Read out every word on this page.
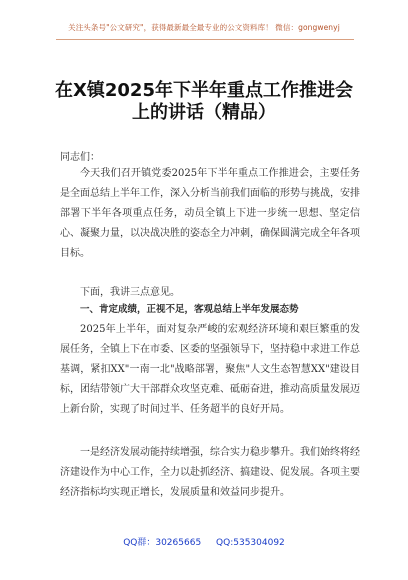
关注头条号"公文研究"，获得最新最全最专业的公文资料库！ 微信：gongwenyj
在X镇2025年下半年重点工作推进会
上的讲话（精品）
同志们：
今天我们召开镇党委2025年下半年重点工作推进会，主要任务是全面总结上半年工作，深入分析当前我们面临的形势与挑战，安排部署下半年各项重点任务，动员全镇上下进一步统一思想、坚定信心、凝聚力量，以决战决胜的姿态全力冲刺，确保圆满完成全年各项目标。
下面，我讲三点意见。
一、肯定成绩，正视不足，客观总结上半年发展态势
2025年上半年，面对复杂严峻的宏观经济环境和艰巨繁重的发展任务，全镇上下在市委、区委的坚强领导下，坚持稳中求进工作总基调，紧扣XX"一南一北"战略部署，聚焦"人文生态智慧XX"建设目标，团结带领广大干部群众攻坚克难、砥砺奋进，推动高质量发展迈上新台阶，实现了时间过半、任务超半的良好开局。
一是经济发展动能持续增强，综合实力稳步攀升。我们始终将经济建设作为中心工作，全力以赴抓经济、搞建设、促发展。各项主要经济指标均实现正增长，发展质量和效益同步提升。
QQ群：30265665 QQ:535304092
